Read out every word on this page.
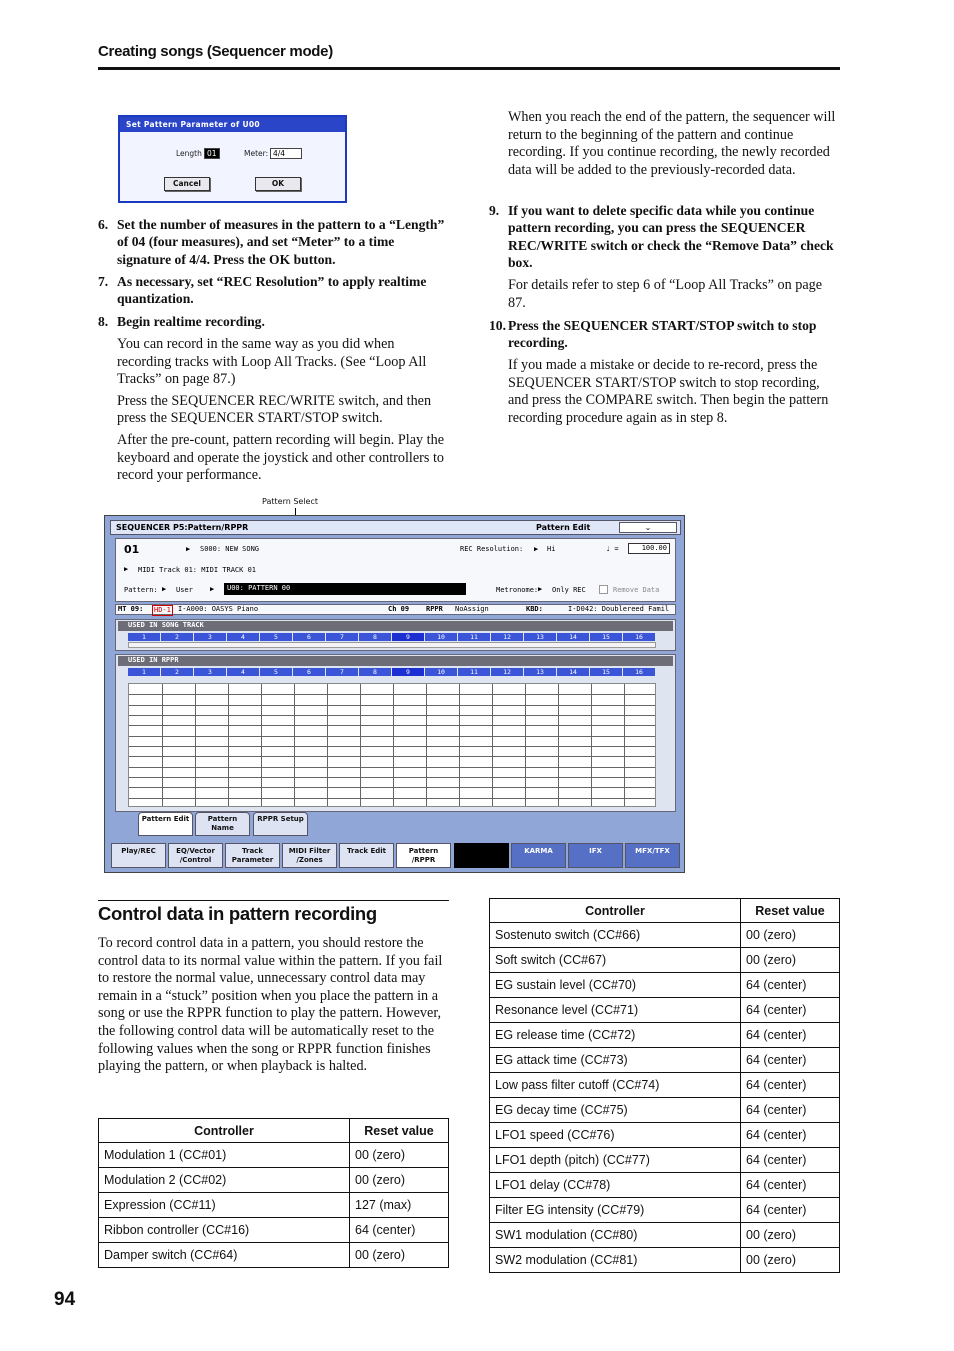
Creating songs (Sequencer mode)
Set Pattern Parameter of U00
Length 01	Meter: 4/4
Cancel	OK
6. Set the number of measures in the pattern to a “Length” of 04 (four measures), and set “Meter” to a time signature of 4/4. Press the OK button.
7. As necessary, set “REC Resolution” to apply realtime quantization.
8. Begin realtime recording.

You can record in the same way as you did when recording tracks with Loop All Tracks. (See “Loop All Tracks” on page 87.)

Press the SEQUENCER REC/WRITE switch, and then press the SEQUENCER START/STOP switch.

After the pre-count, pattern recording will begin. Play the keyboard and operate the joystick and other controllers to record your performance.

When you reach the end of the pattern, the sequencer will return to the beginning of the pattern and continue recording. If you continue recording, the newly recorded data will be added to the previously-recorded data.
9. If you want to delete specific data while you continue pattern recording, you can press the SEQUENCER REC/WRITE switch or check the “Remove Data” check box.
For details refer to step 6 of “Loop All Tracks” on page 87.
10. Press the SEQUENCER START/STOP switch to stop recording.
If you made a mistake or decide to re-record, press the SEQUENCER START/STOP switch to stop recording, and press the COMPARE switch. Then begin the pattern recording procedure again as in step 8.
Pattern Select
SEQUENCER P5:Pattern/RPPR	Pattern Edit	⌄
01	▶ S000: NEW SONG	REC Resolution: ▶ Hi	♩ =	100.00
▶ MIDI Track 01: MIDI TRACK 01
Pattern: ▶ User ▶	U00: PATTERN 00	Metronome: ▶ Only REC	Remove Data
MT 09: HD-1 I-A000: OASYS Piano	Ch 09 RPPR NoAssign	KBD:	I-D042: Doublereed Famil
USED IN SONG TRACK
1	2	3	4	5	6	7	8	9	10	11	12	13	14	15	16
USED IN RPPR
1	2	3	4	5	6	7	8	9	10	11	12	13	14	15	16
Pattern Edit	Pattern Name
RPPR Setup
Play/REC	EQ/Vector /Control
Track Parameter
MIDI Filter /Zones
Track Edit	Pattern /RPPR
KARMA	IFX	MFX/TFX
Control data in pattern recording
To record control data in a pattern, you should restore the control data to its normal value within the pattern. If you fail to restore the normal value, unnecessary control data may remain in a “stuck” position when you place the pattern in a song or use the RPPR function to play the pattern. However, the following control data will be automatically reset to the following values when the song or RPPR function finishes playing the pattern, or when playback is halted.
Controller	Reset value
Modulation 1 (CC#01)	00 (zero)
Modulation 2 (CC#02)	00 (zero)
Expression (CC#11)	127 (max)
Ribbon controller (CC#16)	64 (center)
Damper switch (CC#64)	00 (zero)
Controller	Reset value
Sostenuto switch (CC#66)	00 (zero)
Soft switch (CC#67)	00 (zero)
EG sustain level (CC#70)	64 (center)
Resonance level (CC#71)	64 (center)
EG release time (CC#72)	64 (center)
EG attack time (CC#73)	64 (center)
Low pass filter cutoff (CC#74)	64 (center)
EG decay time (CC#75)	64 (center)
LFO1 speed (CC#76)	64 (center)
LFO1 depth (pitch) (CC#77)	64 (center)
LFO1 delay (CC#78)	64 (center)
Filter EG intensity (CC#79)	64 (center)
SW1 modulation (CC#80)	00 (zero)
SW2 modulation (CC#81)	00 (zero)
94
